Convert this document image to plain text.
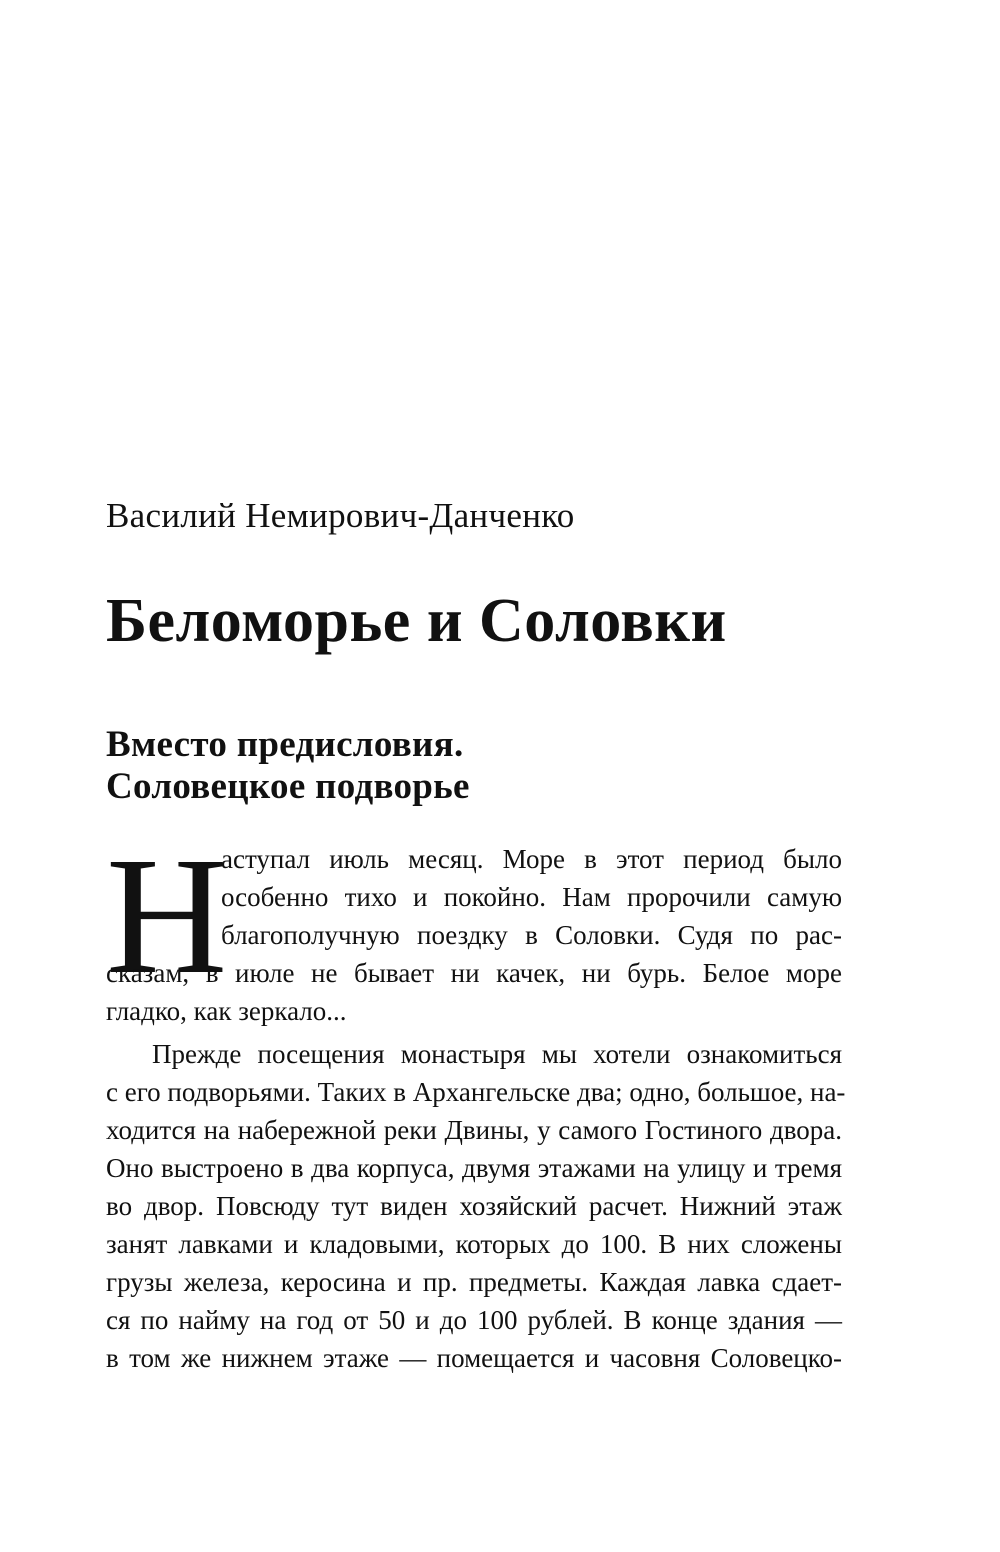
Василий Немирович-Данченко
Беломорье и Соловки
Вместо предисловия.
Соловецкое подворье
Н
аступал июль месяц. Море в этот период было
особенно тихо и покойно. Нам пророчили самую
благополучную поездку в Соловки. Судя по рас-
сказам, в июле не бывает ни качек, ни бурь. Белое море
гладко, как зеркало...
Прежде посещения монастыря мы хотели ознакомиться
с его подворьями. Таких в Архангельске два; одно, большое, на-
ходится на набережной реки Двины, у самого Гостиного двора.
Оно выстроено в два корпуса, двумя этажами на улицу и тремя
во двор. Повсюду тут виден хозяйский расчет. Нижний этаж
занят лавками и кладовыми, которых до 100. В них сложены
грузы железа, керосина и пр. предметы. Каждая лавка сдает-
ся по найму на год от 50 и до 100 рублей. В конце здания —
в том же нижнем этаже — помещается и часовня Соловецко-
